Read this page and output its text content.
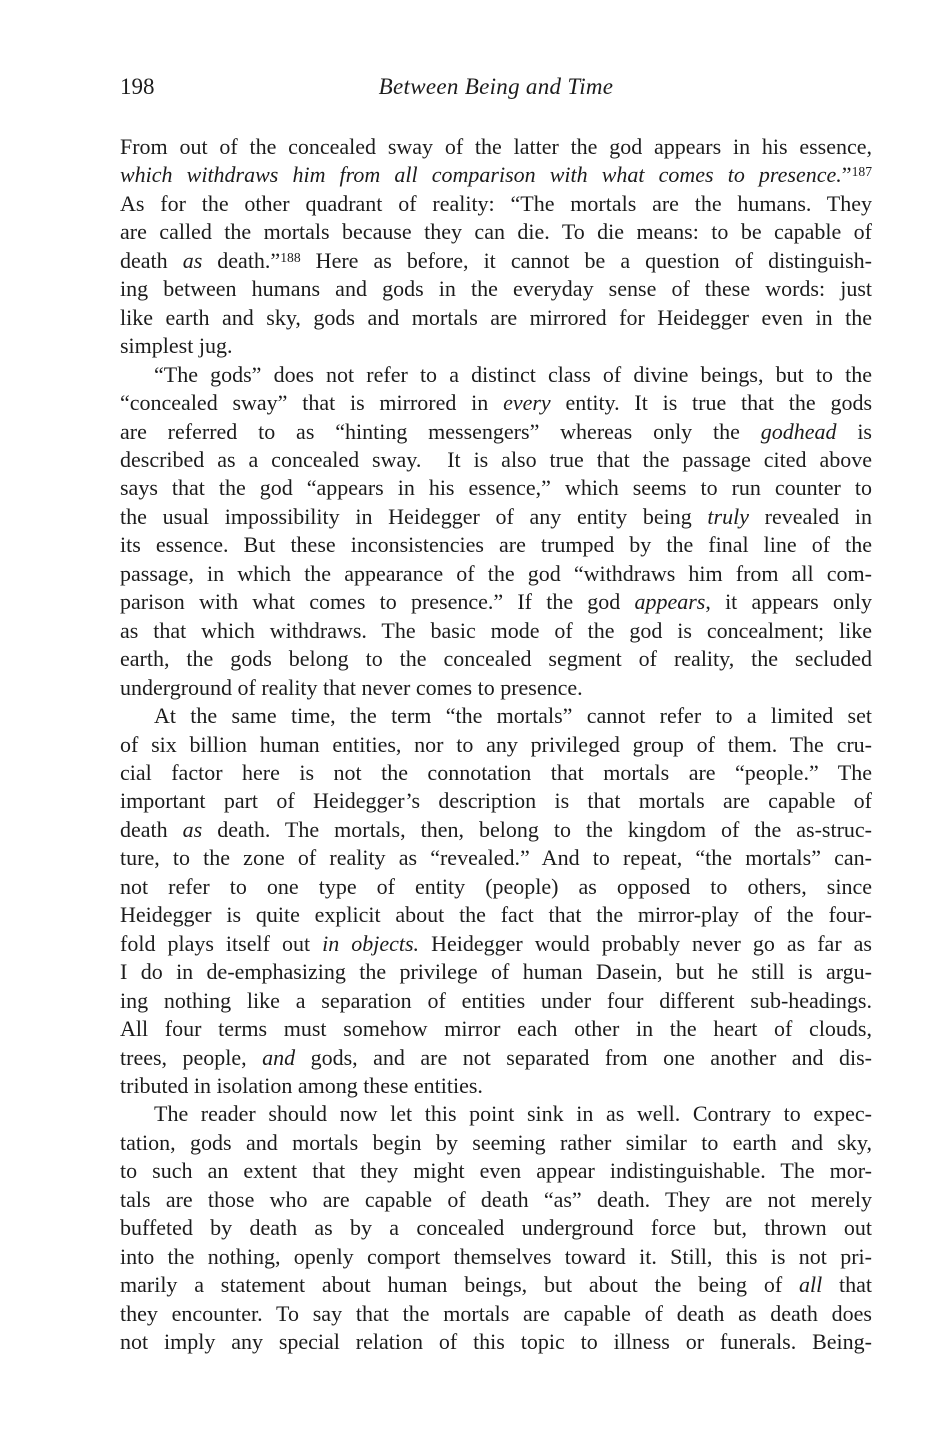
198	Between Being and Time
From out of the concealed sway of the latter the god appears in his essence,
which withdraws him from all comparison with what comes to presence.”$^{187}$
As for the other quadrant of reality: “The mortals are the humans. They
are called the mortals because they can die. To die means: to be capable of
death as death.”$^{188}$ Here as before, it cannot be a question of distinguish-
ing between humans and gods in the everyday sense of these words: just
like earth and sky, gods and mortals are mirrored for Heidegger even in the
simplest jug.
“The gods” does not refer to a distinct class of divine beings, but to the
“concealed sway” that is mirrored in every entity. It is true that the gods
are referred to as “hinting messengers” whereas only the godhead is
described as a concealed sway.  It is also true that the passage cited above
says that the god “appears in his essence,” which seems to run counter to
the usual impossibility in Heidegger of any entity being truly revealed in
its essence. But these inconsistencies are trumped by the final line of the
passage, in which the appearance of the god “withdraws him from all com-
parison with what comes to presence.” If the god appears, it appears only
as that which withdraws. The basic mode of the god is concealment; like
earth, the gods belong to the concealed segment of reality, the secluded
underground of reality that never comes to presence.
At the same time, the term “the mortals” cannot refer to a limited set
of six billion human entities, nor to any privileged group of them. The cru-
cial factor here is not the connotation that mortals are “people.” The
important part of Heidegger’s description is that mortals are capable of
death as death. The mortals, then, belong to the kingdom of the as-struc-
ture, to the zone of reality as “revealed.” And to repeat, “the mortals” can-
not refer to one type of entity (people) as opposed to others, since
Heidegger is quite explicit about the fact that the mirror-play of the four-
fold plays itself out in objects. Heidegger would probably never go as far as
I do in de-emphasizing the privilege of human Dasein, but he still is argu-
ing nothing like a separation of entities under four different sub-headings.
All four terms must somehow mirror each other in the heart of clouds,
trees, people, and gods, and are not separated from one another and dis-
tributed in isolation among these entities.
The reader should now let this point sink in as well. Contrary to expec-
tation, gods and mortals begin by seeming rather similar to earth and sky,
to such an extent that they might even appear indistinguishable. The mor-
tals are those who are capable of death “as” death. They are not merely
buffeted by death as by a concealed underground force but, thrown out
into the nothing, openly comport themselves toward it. Still, this is not pri-
marily a statement about human beings, but about the being of all that
they encounter. To say that the mortals are capable of death as death does
not imply any special relation of this topic to illness or funerals. Being-
